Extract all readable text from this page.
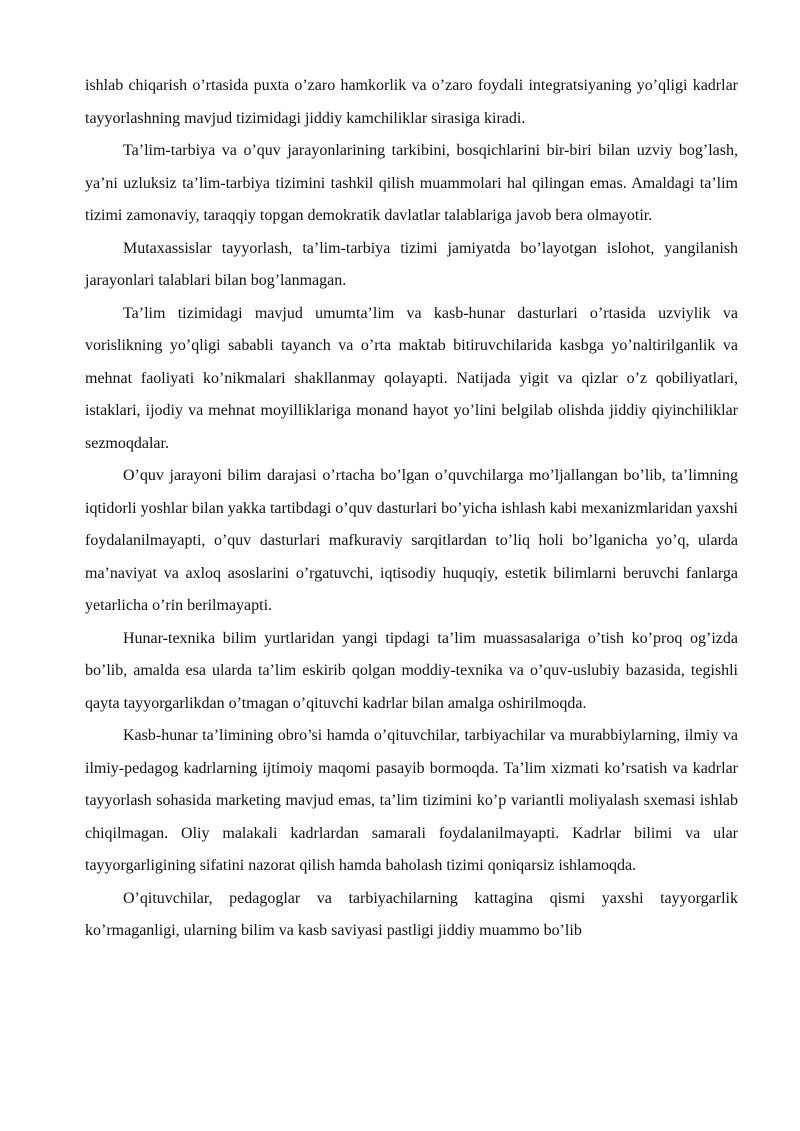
ishlab chiqarish o’rtasida puxta o’zaro hamkorlik va o’zaro foydali integratsiyaning yo’qligi kadrlar tayyorlashning mavjud tizimidagi jiddiy kamchiliklar sirasiga kiradi.

Ta’lim-tarbiya va o’quv jarayonlarining tarkibini, bosqichlarini bir-biri bilan uzviy bog’lash, ya’ni uzluksiz ta’lim-tarbiya tizimini tashkil qilish muammolari hal qilingan emas. Amaldagi ta’lim tizimi zamonaviy, taraqqiy topgan demokratik davlatlar talablariga javob bera olmayotir.

Mutaxassislar tayyorlash, ta’lim-tarbiya tizimi jamiyatda bo’layotgan islohot, yangilanish jarayonlari talablari bilan bog’lanmagan.

Ta’lim tizimidagi mavjud umumta’lim va kasb-hunar dasturlari o’rtasida uzviylik va vorislikning yo’qligi sababli tayanch va o’rta maktab bitiruvchilarida kasbga yo’naltirilganlik va mehnat faoliyati ko’nikmalari shakllanmay qolayapti. Natijada yigit va qizlar o’z qobiliyatlari, istaklari, ijodiy va mehnat moyilliklariga monand hayot yo’lini belgilab olishda jiddiy qiyinchiliklar sezmoqdalar.

O’quv jarayoni bilim darajasi o’rtacha bo’lgan o’quvchilarga mo’ljallangan bo’lib, ta’limning iqtidorli yoshlar bilan yakka tartibdagi o’quv dasturlari bo’yicha ishlash kabi mexanizmlaridan yaxshi foydalanilmayapti, o’quv dasturlari mafkuraviy sarqitlardan to’liq holi bo’lganicha yo’q, ularda ma’naviyat va axloq asoslarini o’rgatuvchi, iqtisodiy huquqiy, estetik bilimlarni beruvchi fanlarga yetarlicha o’rin berilmayapti.

Hunar-texnika bilim yurtlaridan yangi tipdagi ta’lim muassasalariga o’tish ko’proq og’izda bo’lib, amalda esa ularda ta’lim eskirib qolgan moddiy-texnika va o’quv-uslubiy bazasida, tegishli qayta tayyorgarlikdan o’tmagan o’qituvchi kadrlar bilan amalga oshirilmoqda.

Kasb-hunar ta’limining obro’si hamda o’qituvchilar, tarbiyachilar va murabbiylarning, ilmiy va ilmiy-pedagog kadrlarning ijtimoiy maqomi pasayib bormoqda. Ta’lim xizmati ko’rsatish va kadrlar tayyorlash sohasida marketing mavjud emas, ta’lim tizimini ko’p variantli moliyalash sxemasi ishlab chiqilmagan. Oliy malakali kadrlardan samarali foydalanilmayapti. Kadrlar bilimi va ular tayyorgarligining sifatini nazorat qilish hamda baholash tizimi qoniqarsiz ishlamoqda.

O’qituvchilar, pedagoglar va tarbiyachilarning kattagina qismi yaxshi tayyorgarlik ko’rmaganligi, ularning bilim va kasb saviyasi pastligi jiddiy muammo bo’lib
